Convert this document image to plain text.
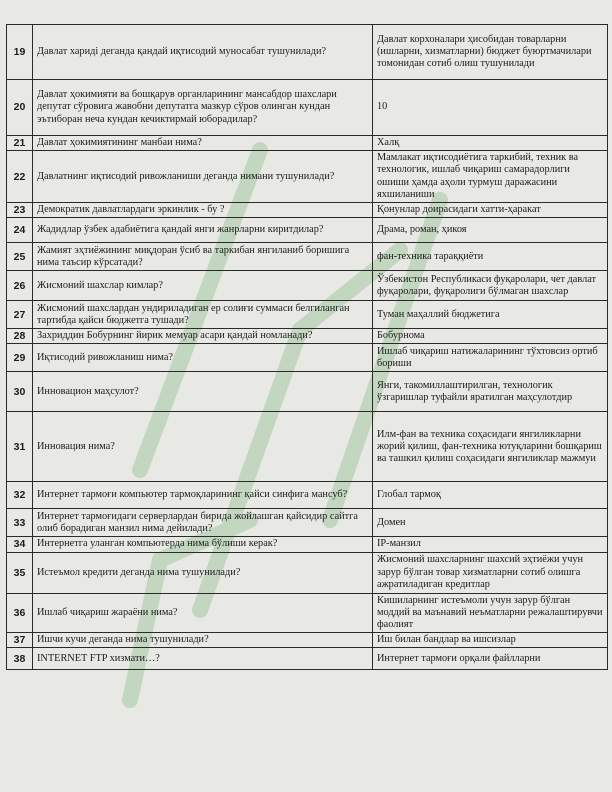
19	Давлат харидi деганда қандай иқтисодий муносабат тушунилади?	Давлат корхоналари ҳисобидан товарларни (ишларни, хизматларни) бюджет буюртмачилари томонидан сотиб олиш тушунилади
20	Давлат ҳокимияти ва бошқарув органларининг мансабдор шахслари депутат сўровига жавобни депутатга мазкур сўров олинган кундан эътиборан неча кундан кечиктирмай юборадилар?	10
21	Давлат ҳокимиятининг манбаи нима?	Халқ
22	Давлатнинг иқтисодий ривожланиши деганда нимани тушунилади?	Мамлакат иқтисодиётига таркибий, техник ва технологик, ишлаб чиқариш самарадорлиги ошиши ҳамда аҳоли турмуш даражасини яхшиланиши
23	Демократик давлатлардаги эркинлик - бу ?	Қонунлар доирасидаги хатти-ҳаракат
24	Жадидлар ўзбек адабиётига қандай янги жанрларни киритдилар?	Драма, роман, ҳикоя
25	Жамият эҳтиёжининг миқдоран ўсиб ва таркибан янгиланиб боришига нима таъсир кўрсатади?	фан-техника тараққиёти
26	Жисмоний шахслар кимлар?	Ўзбекистон Республикаси фуқаролари, чет давлат фуқаролари, фуқаролиги бўлмаган шахслар
27	Жисмоний шахслардан ундириладиган ер солиғи суммаси белгиланган тартибда қайси бюджетга тушади?	Туман маҳаллий бюджетига
28	Захриддин Бобурнинг йирик мемуар асари қандай номланади?	Бобурнома
29	Иқтисодий ривожланиш нима?	Ишлаб чиқариш натижаларининг тўхтовсиз ортиб бориши
30	Инновацион маҳсулот?	Янги, такомиллаштирилган, технологик ўзгаришлар туфайли яратилган маҳсулотдир
31	Инновация нима?	Илм-фан ва техника соҳасидаги янгиликларни жорий қилиш, фан-техника ютуқларини бошқариш ва ташкил қилиш соҳасидаги янгиликлар мажмуи
32	Интернет тармоғи компьютер тармоқларининг қайси синфига мансуб?	Глобал тармоқ
33	Интернет тармоғидаги серверлардан бирида жойлашган қайсидир сайтга олиб борадиган манзил нима дейилади?	Домен
34	Интернетга уланган компьютерда нима бўлиши керак?	IP-манзил
35	Истеъмол кредити деганда нима тушунилади?	Жисмоний шахсларнинг шахсий эҳтиёжи учун зарур бўлган товар хизматларни сотиб олишга ажратиладиган кредитлар
36	Ишлаб чиқариш жараёни нима?	Кишиларнинг истеъмоли учун зарур бўлган моддий ва маънавий неъматларни режалаштирувчи фаолият
37	Ишчи кучи деганда нима тушунилади?	Иш билан бандлар ва ишсизлар
38	INTERNET FTP хизмати…?	Интернет тармоғи орқали файлларни
